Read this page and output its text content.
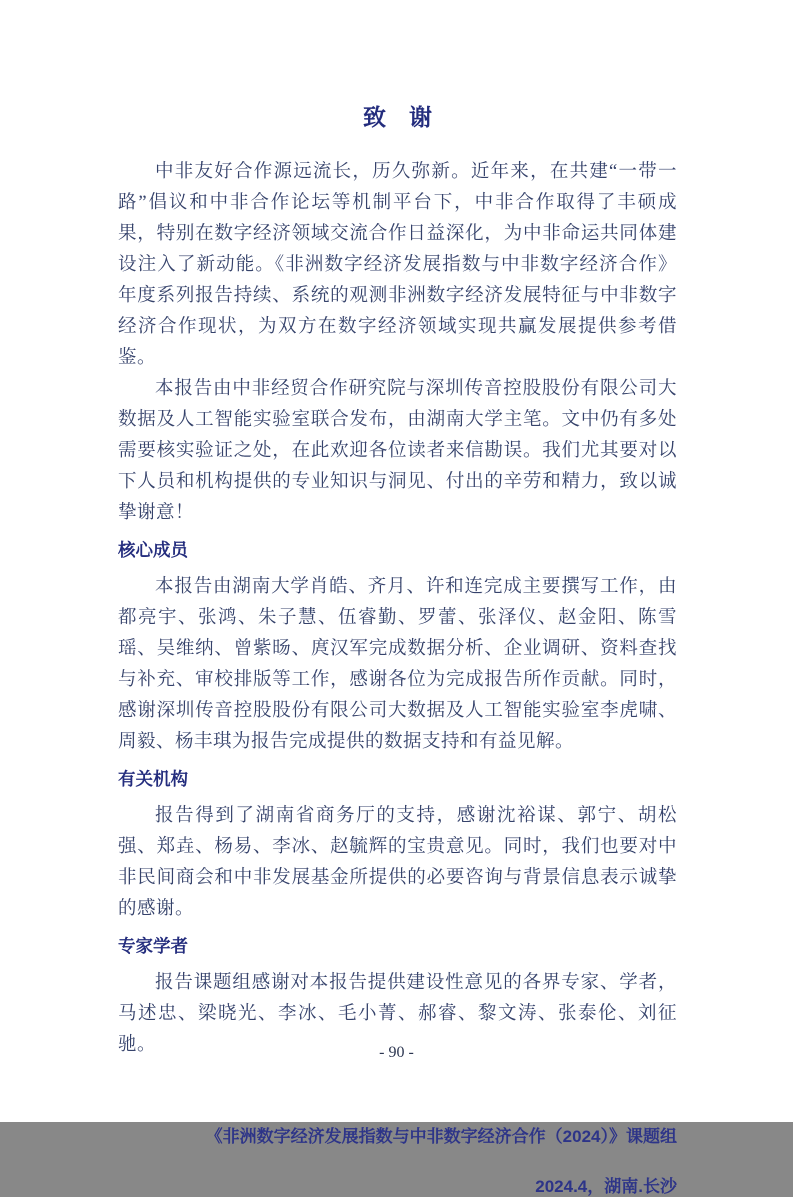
致　谢

中非友好合作源远流长，历久弥新。近年来，在共建“一带一路”倡议和中非合作论坛等机制平台下，中非合作取得了丰硕成果，特别在数字经济领域交流合作日益深化，为中非命运共同体建设注入了新动能。《非洲数字经济发展指数与中非数字经济合作》年度系列报告持续、系统的观测非洲数字经济发展特征与中非数字经济合作现状，为双方在数字经济领域实现共赢发展提供参考借鉴。

本报告由中非经贸合作研究院与深圳传音控股股份有限公司大数据及人工智能实验室联合发布，由湖南大学主笔。文中仍有多处需要核实验证之处，在此欢迎各位读者来信勘误。我们尤其要对以下人员和机构提供的专业知识与洞见、付出的辛劳和精力，致以诚挚谢意！

核心成员

本报告由湖南大学肖皓、齐月、许和连完成主要撰写工作，由都亮宇、张鸿、朱子慧、伍睿勤、罗蕾、张泽仪、赵金阳、陈雪瑶、吴维纳、曾紫旸、庹汉军完成数据分析、企业调研、资料查找与补充、审校排版等工作，感谢各位为完成报告所作贡献。同时，感谢深圳传音控股股份有限公司大数据及人工智能实验室李虎啸、周毅、杨丰琪为报告完成提供的数据支持和有益见解。

有关机构

报告得到了湖南省商务厅的支持，感谢沈裕谋、郭宁、胡松强、郑垚、杨易、李冰、赵毓辉的宝贵意见。同时，我们也要对中非民间商会和中非发展基金所提供的必要咨询与背景信息表示诚挚的感谢。

专家学者

报告课题组感谢对本报告提供建设性意见的各界专家、学者，马述忠、梁晓光、李冰、毛小菁、郝睿、黎文涛、张泰伦、刘征驰。

《非洲数字经济发展指数与中非数字经济合作（2024）》课题组
2024.4，湖南.长沙
- 90 -
